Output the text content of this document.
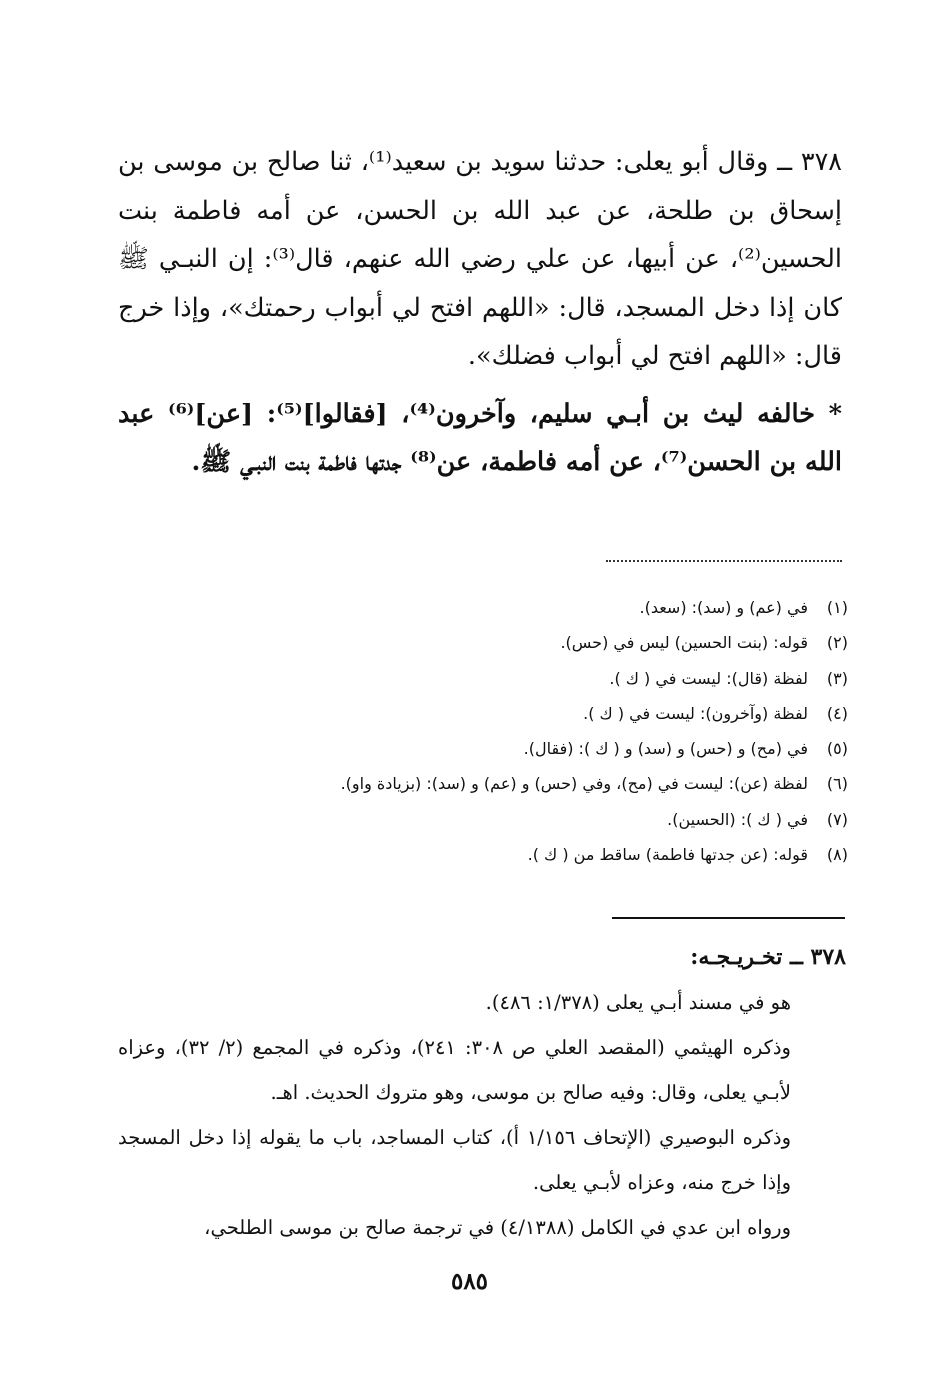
٣٧٨ ــ وقال أبو يعلى: حدثنا سويد بن سعيد⁽¹⁾، ثنا صالح بن موسى بن إسحاق بن طلحة، عن عبد الله بن الحسن، عن أمه فاطمة بنت الحسين⁽²⁾، عن أبيها، عن علي رضي الله عنهم، قال⁽³⁾: إن النبـي ﷺ كان إذا دخل المسجد، قال: «اللهم افتح لي أبواب رحمتك»، وإذا خرج قال: «اللهم افتح لي أبواب فضلك».

* خالفه ليث بن أبـي سليم، وآخرون⁽⁴⁾، [فقالوا]⁽⁵⁾: [عن]⁽⁶⁾ عبد الله بن الحسن⁽⁷⁾، عن أمه فاطمة، عن⁽⁸⁾ جدتها فاطمة بنت النبـي ﷺ.

(١)في (عم) و (سد): (سعد).
(٢)قوله: (بنت الحسين) ليس في (حس).
(٣)لفظة (قال): ليست في ( ك ).
(٤)لفظة (وآخرون): ليست في ( ك ).
(٥)في (مح) و (حس) و (سد) و ( ك ): (فقال).
(٦)لفظة (عن): ليست في (مح)، وفي (حس) و (عم) و (سد): (بزيادة واو).
(٧)في ( ك ): (الحسين).
(٨)قوله: (عن جدتها فاطمة) ساقط من ( ك ).

٣٧٨ ــ تخـريـجـه:

هو في مسند أبـي يعلى (١/٣٧٨: ٤٨٦).

وذكره الهيثمي (المقصد العلي ص ٣٠٨: ٢٤١)، وذكره في المجمع (٢/ ٣٢)، وعزاه لأبـي يعلى، وقال: وفيه صالح بن موسى، وهو متروك الحديث. اهـ.

وذكره البوصيري (الإتحاف ١/١٥٦ أ)، كتاب المساجد، باب ما يقوله إذا دخل المسجد وإذا خرج منه، وعزاه لأبـي يعلى.

ورواه ابن عدي في الكامل (٤/١٣٨٨) في ترجمة صالح بن موسى الطلحي،

٥٨٥
